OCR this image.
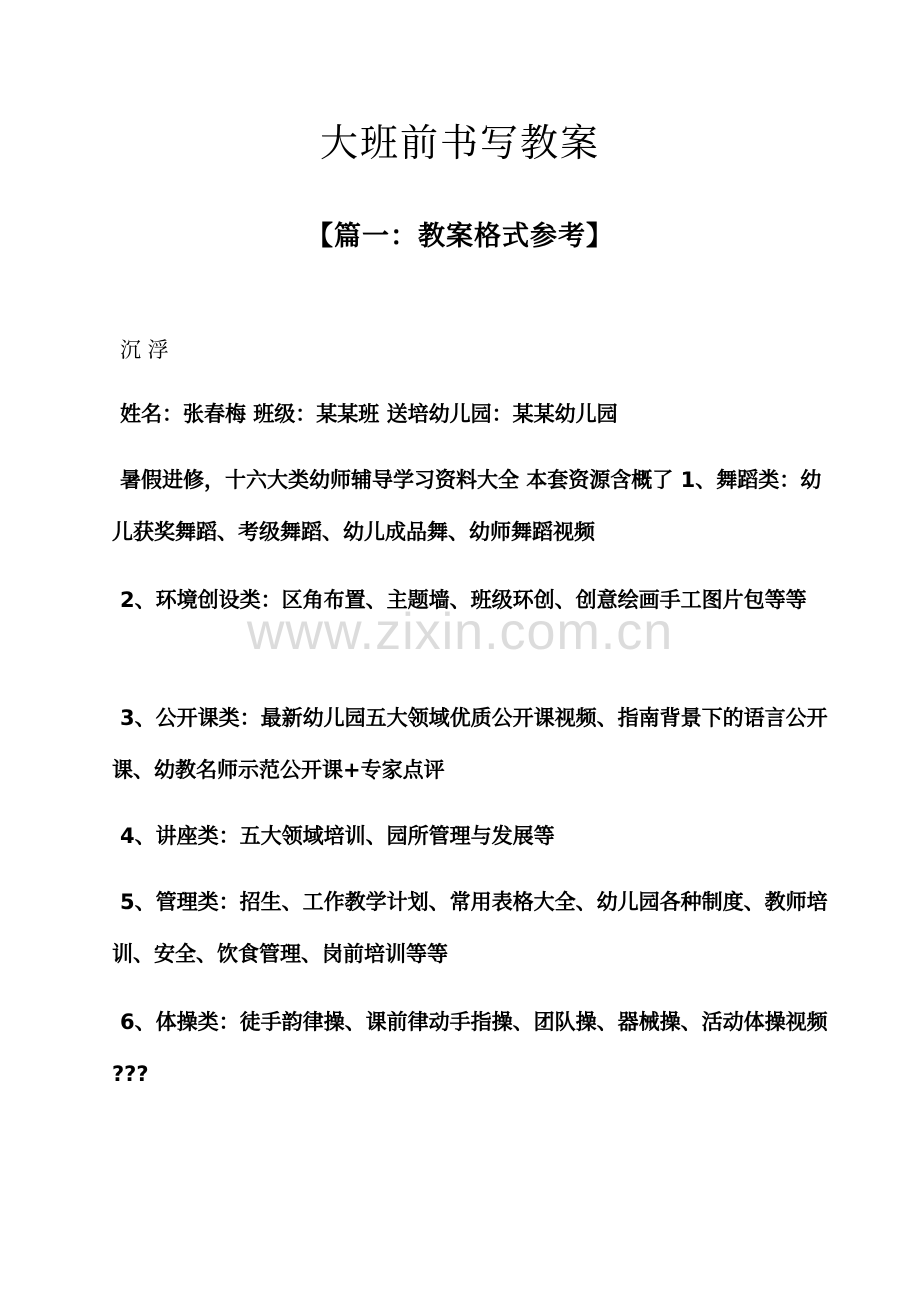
大班前书写教案
【篇一：教案格式参考】
www.zixin.com.cn

沉 浮

姓名：张春梅 班级：某某班 送培幼儿园：某某幼儿园

暑假进修，十六大类幼师辅导学习资料大全 本套资源含概了 1、舞蹈类：幼儿获奖舞蹈、考级舞蹈、幼儿成品舞、幼师舞蹈视频

2、环境创设类：区角布置、主题墙、班级环创、创意绘画手工图片包等等

3、公开课类：最新幼儿园五大领域优质公开课视频、指南背景下的语言公开课、幼教名师示范公开课+专家点评

4、讲座类：五大领域培训、园所管理与发展等

5、管理类：招生、工作教学计划、常用表格大全、幼儿园各种制度、教师培训、安全、饮食管理、岗前培训等等

6、体操类：徒手韵律操、课前律动手指操、团队操、器械操、活动体操视频 ???
